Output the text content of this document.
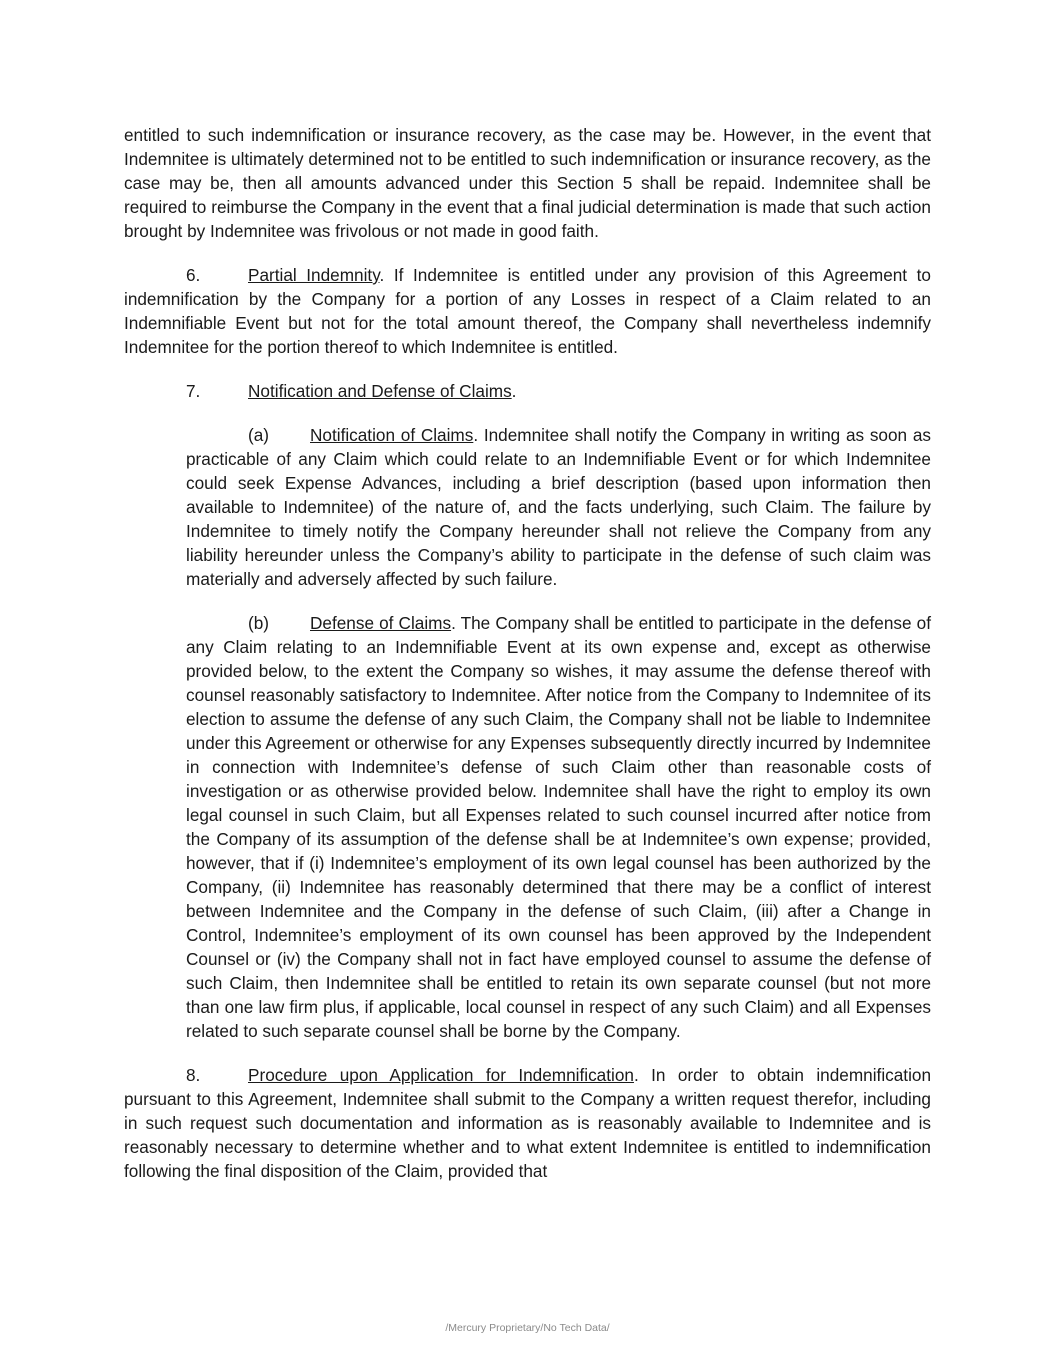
entitled to such indemnification or insurance recovery, as the case may be. However, in the event that Indemnitee is ultimately determined not to be entitled to such indemnification or insurance recovery, as the case may be, then all amounts advanced under this Section 5 shall be repaid. Indemnitee shall be required to reimburse the Company in the event that a final judicial determination is made that such action brought by Indemnitee was frivolous or not made in good faith.

6.	Partial Indemnity. If Indemnitee is entitled under any provision of this Agreement to indemnification by the Company for a portion of any Losses in respect of a Claim related to an Indemnifiable Event but not for the total amount thereof, the Company shall nevertheless indemnify Indemnitee for the portion thereof to which Indemnitee is entitled.

7.	Notification and Defense of Claims.

(a) Notification of Claims. Indemnitee shall notify the Company in writing as soon as practicable of any Claim which could relate to an Indemnifiable Event or for which Indemnitee could seek Expense Advances, including a brief description (based upon information then available to Indemnitee) of the nature of, and the facts underlying, such Claim. The failure by Indemnitee to timely notify the Company hereunder shall not relieve the Company from any liability hereunder unless the Company’s ability to participate in the defense of such claim was materially and adversely affected by such failure.

(b) Defense of Claims. The Company shall be entitled to participate in the defense of any Claim relating to an Indemnifiable Event at its own expense and, except as otherwise provided below, to the extent the Company so wishes, it may assume the defense thereof with counsel reasonably satisfactory to Indemnitee. After notice from the Company to Indemnitee of its election to assume the defense of any such Claim, the Company shall not be liable to Indemnitee under this Agreement or otherwise for any Expenses subsequently directly incurred by Indemnitee in connection with Indemnitee’s defense of such Claim other than reasonable costs of investigation or as otherwise provided below. Indemnitee shall have the right to employ its own legal counsel in such Claim, but all Expenses related to such counsel incurred after notice from the Company of its assumption of the defense shall be at Indemnitee’s own expense; provided, however, that if (i) Indemnitee’s employment of its own legal counsel has been authorized by the Company, (ii) Indemnitee has reasonably determined that there may be a conflict of interest between Indemnitee and the Company in the defense of such Claim, (iii) after a Change in Control, Indemnitee’s employment of its own counsel has been approved by the Independent Counsel or (iv) the Company shall not in fact have employed counsel to assume the defense of such Claim, then Indemnitee shall be entitled to retain its own separate counsel (but not more than one law firm plus, if applicable, local counsel in respect of any such Claim) and all Expenses related to such separate counsel shall be borne by the Company.

8.	Procedure upon Application for Indemnification. In order to obtain indemnification pursuant to this Agreement, Indemnitee shall submit to the Company a written request therefor, including in such request such documentation and information as is reasonably available to Indemnitee and is reasonably necessary to determine whether and to what extent Indemnitee is entitled to indemnification following the final disposition of the Claim, provided that

/Mercury Proprietary/No Tech Data/
